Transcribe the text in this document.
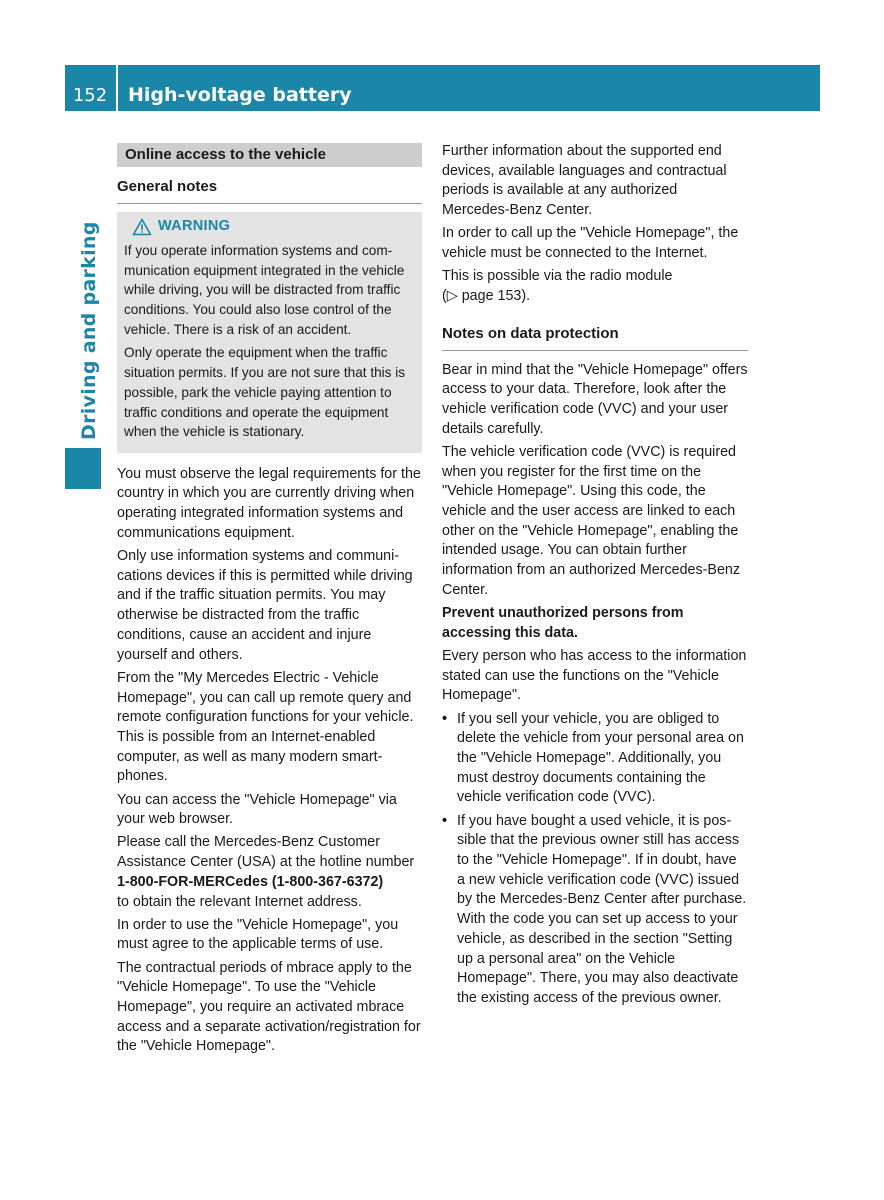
152	High-voltage battery
Driving and parking
Online access to the vehicle
General notes
WARNING

If you operate information systems and communication equipment integrated in the vehicle while driving, you will be distracted from traffic conditions. You could also lose control of the vehicle. There is a risk of an accident.

Only operate the equipment when the traffic situation permits. If you are not sure that this is possible, park the vehicle paying attention to traffic conditions and operate the equipment when the vehicle is stationary.

You must observe the legal requirements for the country in which you are currently driving when operating integrated information systems and communications equipment.

Only use information systems and communications devices if this is permitted while driving and if the traffic situation permits. You may otherwise be distracted from the traffic conditions, cause an accident and injure yourself and others.

From the "My Mercedes Electric - Vehicle Homepage", you can call up remote query and remote configuration functions for your vehicle. This is possible from an Internet-enabled computer, as well as many modern smartphones.

You can access the "Vehicle Homepage" via your web browser.

Please call the Mercedes-Benz Customer Assistance Center (USA) at the hotline number
1-800-FOR-MERCedes (1-800-367-6372)
to obtain the relevant Internet address.

In order to use the "Vehicle Homepage", you must agree to the applicable terms of use.

The contractual periods of mbrace apply to the "Vehicle Homepage". To use the "Vehicle Homepage", you require an activated mbrace access and a separate activation/registration for the "Vehicle Homepage".

Further information about the supported end devices, available languages and contractual periods is available at any authorized Mercedes-Benz Center.

In order to call up the "Vehicle Homepage", the vehicle must be connected to the Internet.

This is possible via the radio module
(▷ page 153).

Notes on data protection

Bear in mind that the "Vehicle Homepage" offers access to your data. Therefore, look after the vehicle verification code (VVC) and your user details carefully.

The vehicle verification code (VVC) is required when you register for the first time on the "Vehicle Homepage". Using this code, the vehicle and the user access are linked to each other on the "Vehicle Homepage", enabling the intended usage. You can obtain further information from an authorized Mercedes-Benz Center.

Prevent unauthorized persons from accessing this data.

Every person who has access to the information stated can use the functions on the "Vehicle Homepage".

• If you sell your vehicle, you are obliged to delete the vehicle from your personal area on the "Vehicle Homepage". Additionally, you must destroy documents containing the vehicle verification code (VVC).
• If you have bought a used vehicle, it is possible that the previous owner still has access to the "Vehicle Homepage". If in doubt, have a new vehicle verification code (VVC) issued by the Mercedes-Benz Center after purchase. With the code you can set up access to your vehicle, as described in the section "Setting up a personal area" on the Vehicle Homepage". There, you may also deactivate the existing access of the previous owner.
